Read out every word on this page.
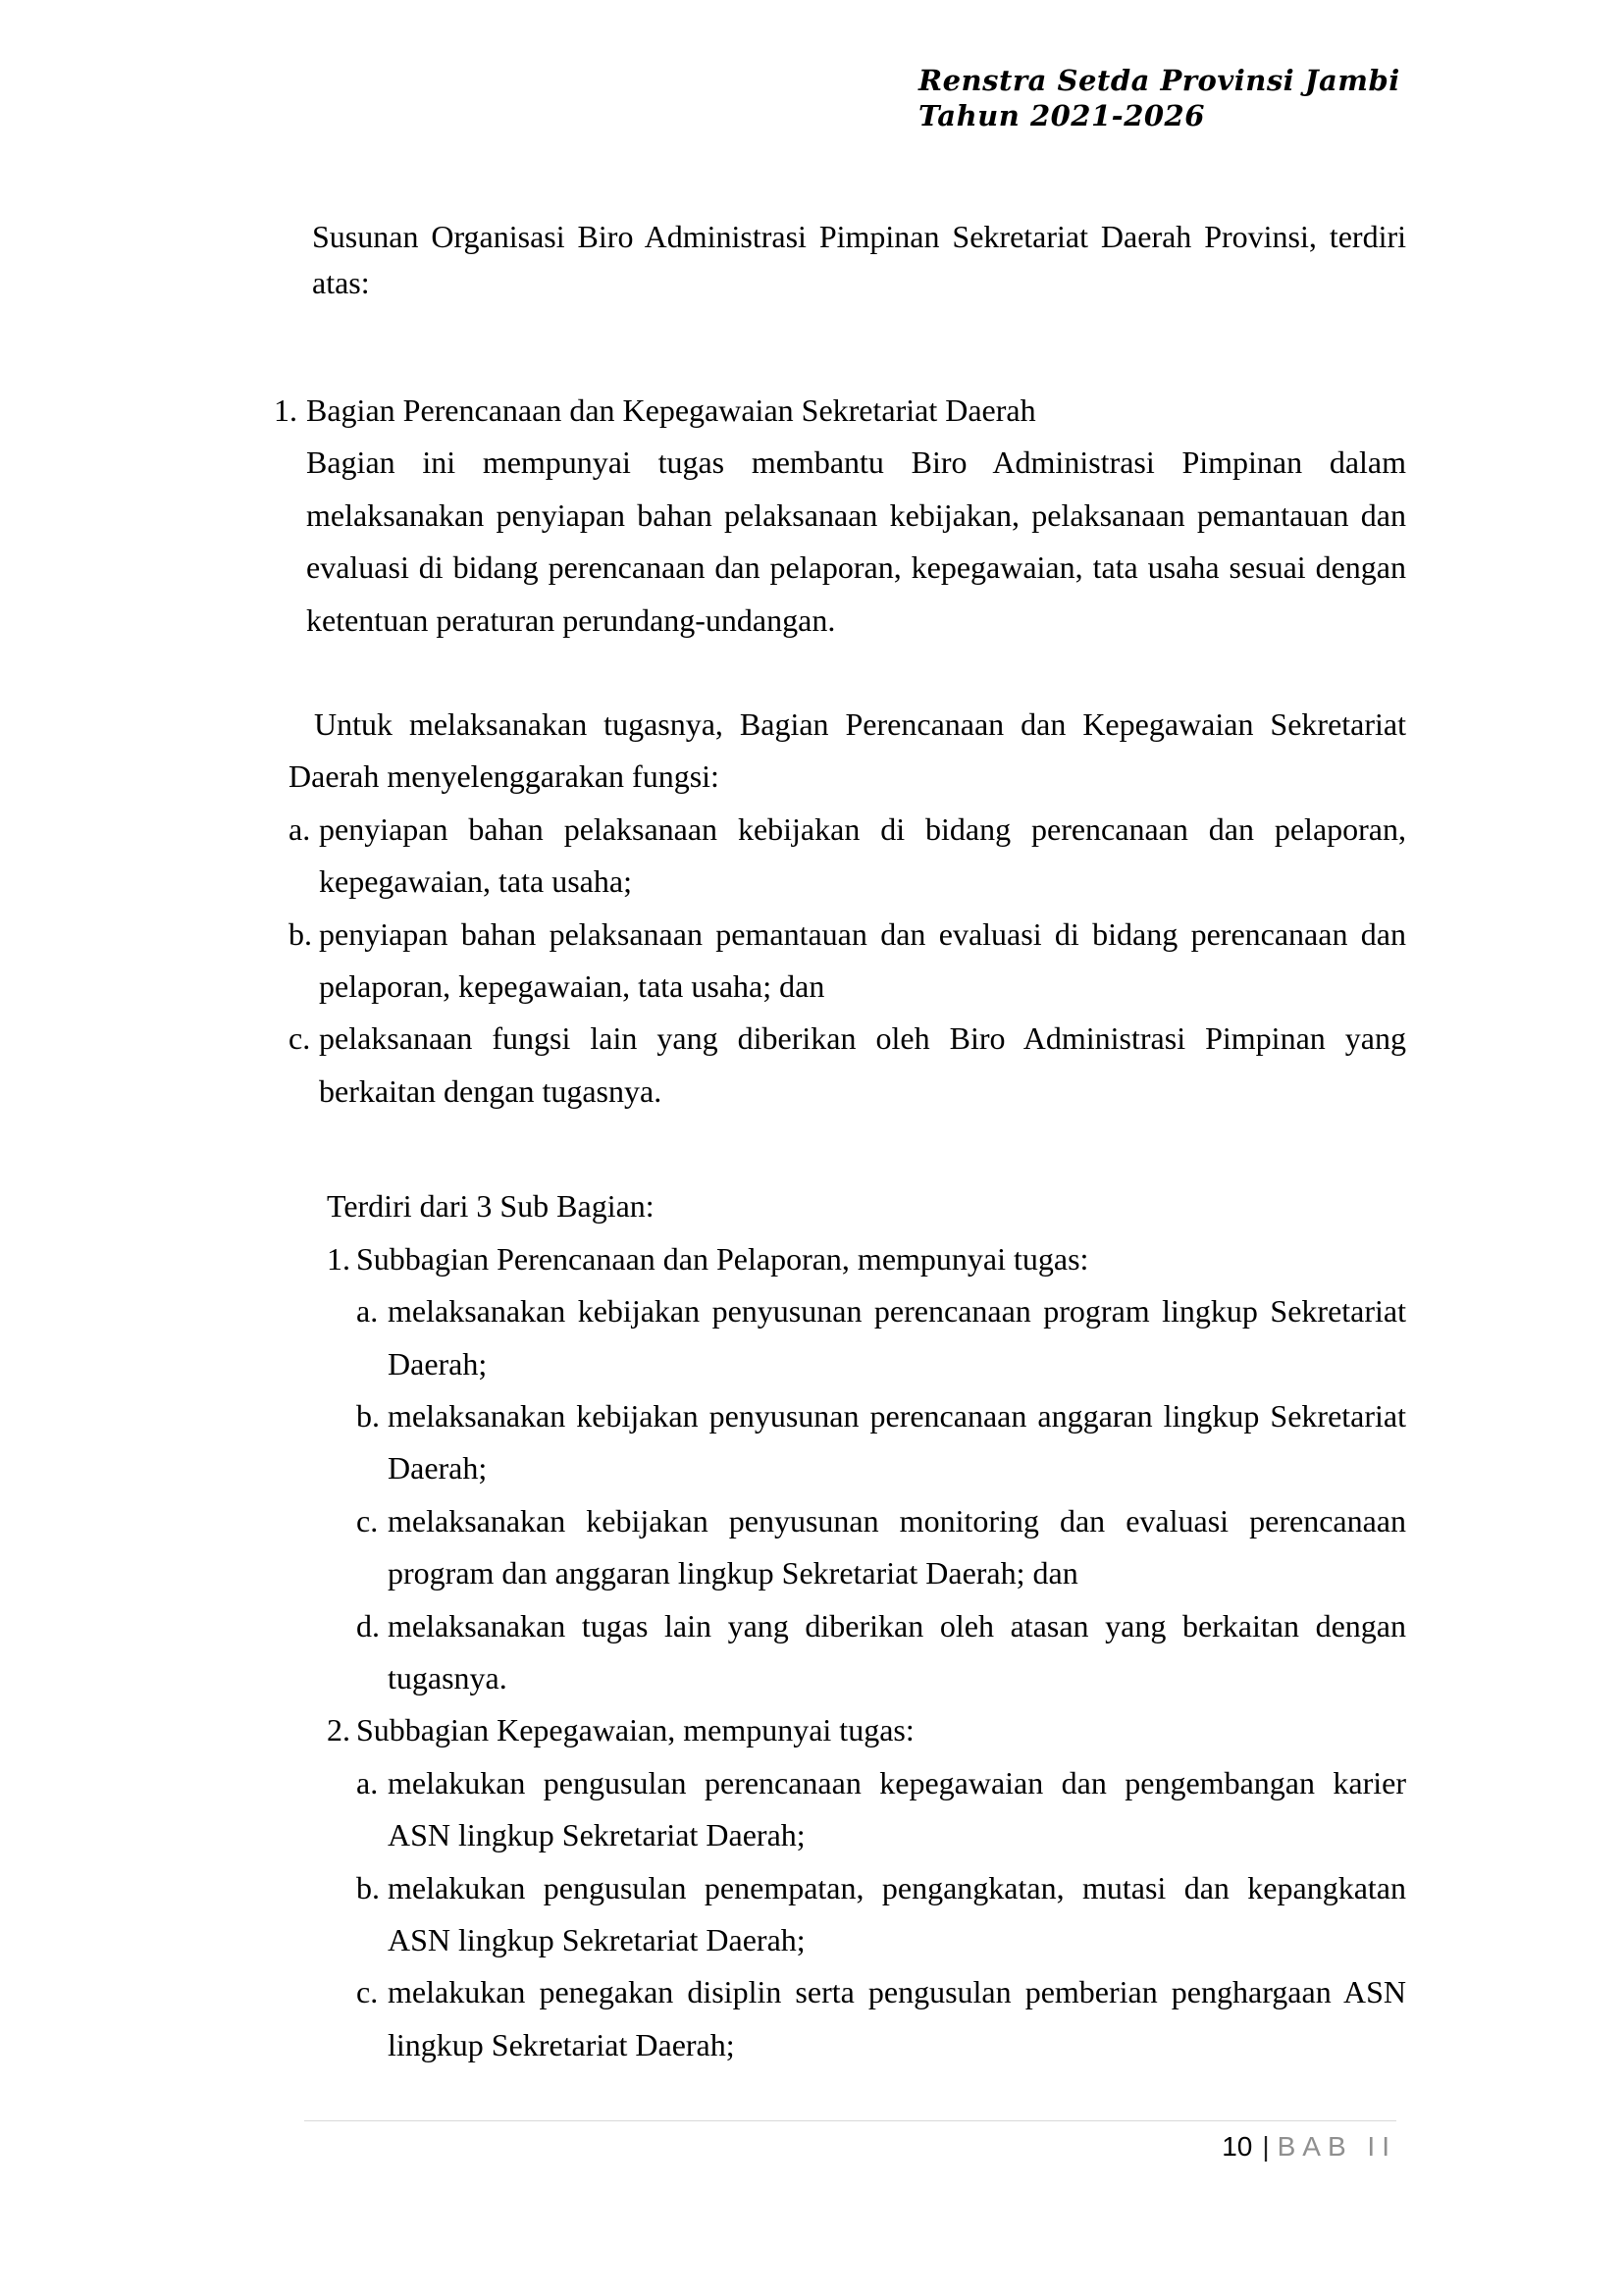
Renstra Setda Provinsi Jambi
Tahun 2021-2026

Susunan Organisasi Biro Administrasi Pimpinan Sekretariat Daerah Provinsi, terdiri atas:

1. Bagian Perencanaan dan Kepegawaian Sekretariat Daerah

Bagian ini mempunyai tugas membantu Biro Administrasi Pimpinan dalam melaksanakan penyiapan bahan pelaksanaan kebijakan, pelaksanaan pemantauan dan evaluasi di bidang perencanaan dan pelaporan, kepegawaian, tata usaha sesuai dengan ketentuan peraturan perundang-undangan.

Untuk melaksanakan tugasnya, Bagian Perencanaan dan Kepegawaian Sekretariat Daerah menyelenggarakan fungsi:

a. penyiapan bahan pelaksanaan kebijakan di bidang perencanaan dan pelaporan, kepegawaian, tata usaha;
b. penyiapan bahan pelaksanaan pemantauan dan evaluasi di bidang perencanaan dan pelaporan, kepegawaian, tata usaha; dan
c. pelaksanaan fungsi lain yang diberikan oleh Biro Administrasi Pimpinan yang berkaitan dengan tugasnya.

Terdiri dari 3 Sub Bagian:

1. Subbagian Perencanaan dan Pelaporan, mempunyai tugas:
a. melaksanakan kebijakan penyusunan perencanaan program lingkup Sekretariat Daerah;
b. melaksanakan kebijakan penyusunan perencanaan anggaran lingkup Sekretariat Daerah;
c. melaksanakan kebijakan penyusunan monitoring dan evaluasi perencanaan program dan anggaran lingkup Sekretariat Daerah; dan
d. melaksanakan tugas lain yang diberikan oleh atasan yang berkaitan dengan tugasnya.
2. Subbagian Kepegawaian, mempunyai tugas:
a. melakukan pengusulan perencanaan kepegawaian dan pengembangan karier ASN lingkup Sekretariat Daerah;
b. melakukan pengusulan penempatan, pengangkatan, mutasi dan kepangkatan ASN lingkup Sekretariat Daerah;
c. melakukan penegakan disiplin serta pengusulan pemberian penghargaan ASN lingkup Sekretariat Daerah;
10 | BAB II
